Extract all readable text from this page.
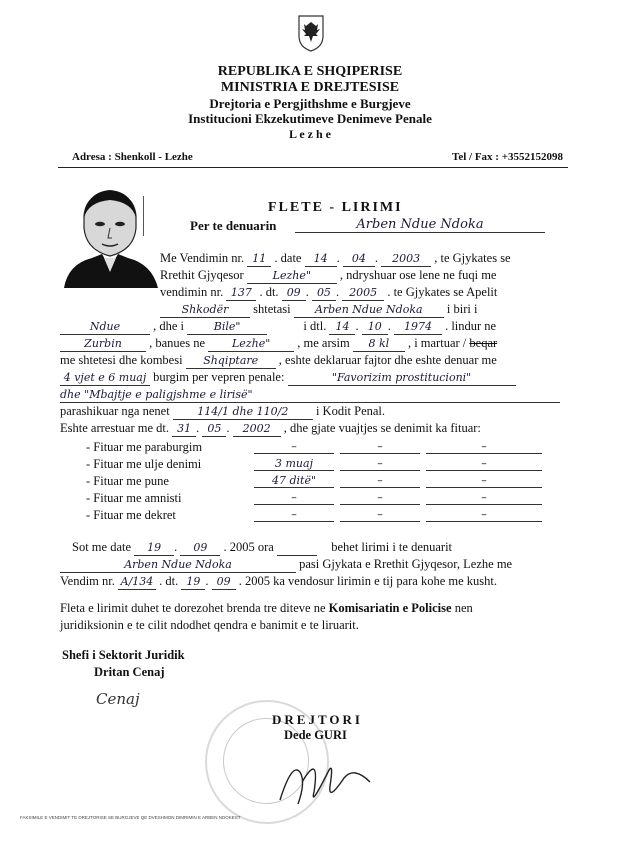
REPUBLIKA E SHQIPERISE
MINISTRIA E DREJTESISE
Drejtoria e Pergjithshme e Burgjeve
Institucioni Ekzekutimeve Denimeve Penale
L e z h e
Adresa : Shenkoll - Lezhe	Tel / Fax : +3552152098
FLETE - LIRIMI
Per te denuarin	Arben Ndue Ndoka
Me Vendimin nr. 11 . date 14 . 04 . 2003 , te Gjykates se
Rrethit Gjyqesor	Lezhe" , ndryshuar ose lene ne fuqi me
vendimin nr. 137 . dt. 09 . 05 . 2005 . te Gjykates se Apelit
Shkodër shtetasi Arben Ndue Ndoka i biri i
Ndue	, dhe i	Bile"	i dtl. 14 . 10 . 1974 . lindur ne
Zurbin , banues ne Lezhe" , me arsim 8 kl , i martuar / beqar
me shtetesi dhe kombesi Shqiptare , eshte deklaruar fajtor dhe eshte denuar me
4 vjet e 6 muaj burgim per vepren penale:	"Favorizim prostitucioni"
dhe "Mbajtje e paligjshme e lirisë"
parashikuar nga nenet	114/1 dhe 110/2 i Kodit Penal.
Eshte arrestuar me dt. 31 . 05 . 2002 , dhe gjate vuajtjes se denimit ka fituar:
- Fituar me paraburgim	–	–	–
- Fituar me ulje denimi	3 muaj	–	–
- Fituar me pune	47 ditë"	–	–
- Fituar me amnisti	–	–	–
- Fituar me dekret	–	–	–
Sot me date 19 . 09 . 2005 ora	behet lirimi i te denuarit
Arben Ndue Ndoka	pasi Gjykata e Rrethit Gjyqesor, Lezhe me
Vendim nr. A/134 . dt. 19 . 09 . 2005 ka vendosur lirimin e tij para kohe me kusht.
Fleta e lirimit duhet te dorezohet brenda tre diteve ne Komisariatin e Policise nen
juridiksionin e te cilit ndodhet qendra e banimit e te liruarit.
Shefi i Sektorit Juridik
Dritan Cenaj
Cenaj
DREJTORI
Dede GURI
FAKSIMILE E VENDIMIT TE DREJTORISE SE BURGJEVE QE DVESHMON DIMRIMIN E ARBEN NDOKEST
